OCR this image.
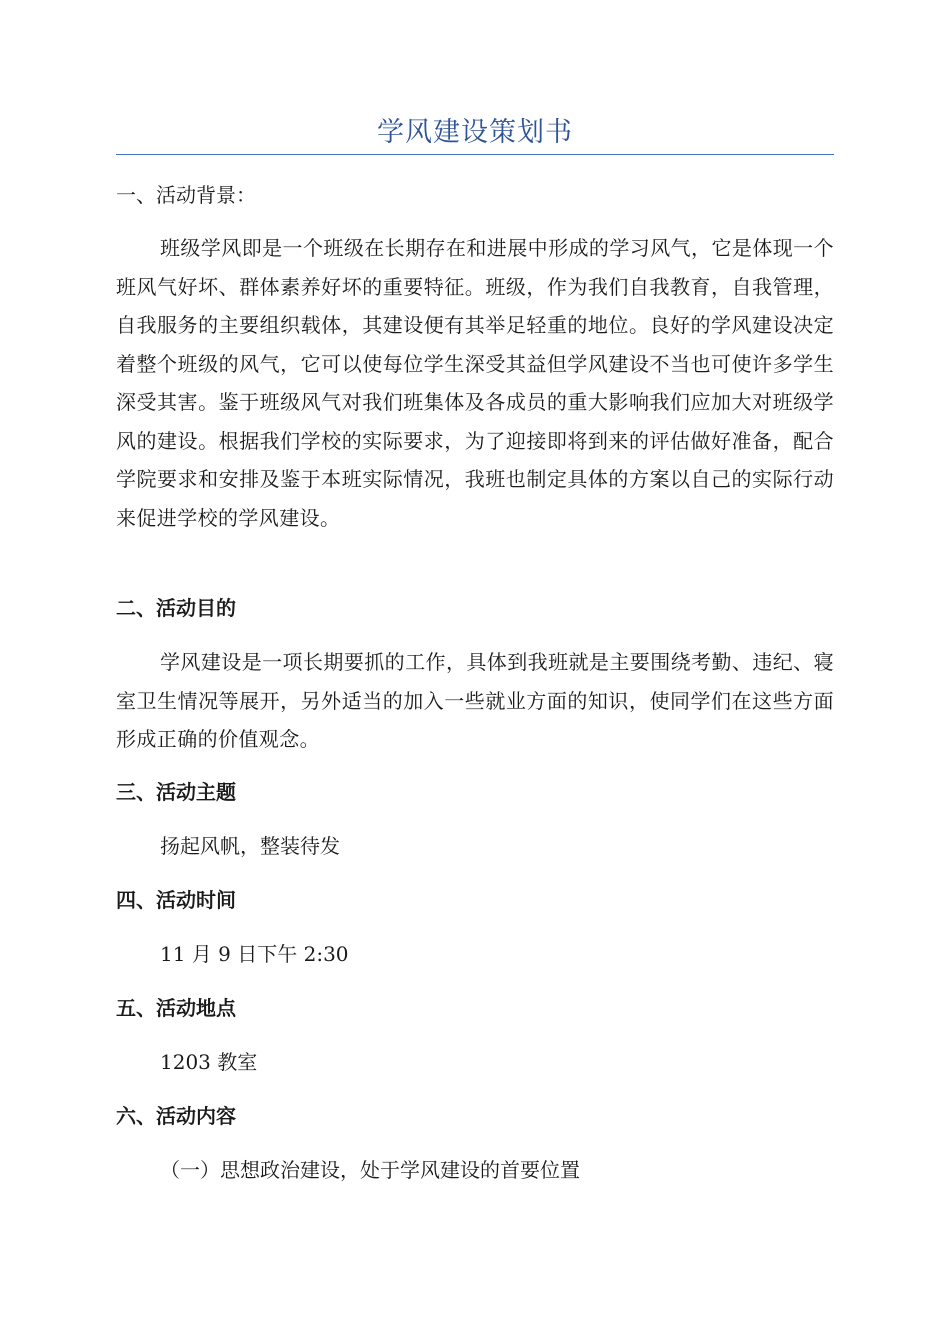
学风建设策划书
一、活动背景：
班级学风即是一个班级在长期存在和进展中形成的学习风气，它是体现一个班风气好坏、群体素养好坏的重要特征。班级，作为我们自我教育，自我管理，自我服务的主要组织载体，其建设便有其举足轻重的地位。良好的学风建设决定着整个班级的风气，它可以使每位学生深受其益但学风建设不当也可使许多学生深受其害。鉴于班级风气对我们班集体及各成员的重大影响我们应加大对班级学风的建设。根据我们学校的实际要求，为了迎接即将到来的评估做好准备，配合学院要求和安排及鉴于本班实际情况，我班也制定具体的方案以自己的实际行动来促进学校的学风建设。
二、活动目的
学风建设是一项长期要抓的工作，具体到我班就是主要围绕考勤、违纪、寝室卫生情况等展开，另外适当的加入一些就业方面的知识，使同学们在这些方面形成正确的价值观念。
三、活动主题
扬起风帆，整装待发
四、活动时间
11 月 9 日下午 2:30
五、活动地点
1203 教室
六、活动内容
（一）思想政治建设，处于学风建设的首要位置
